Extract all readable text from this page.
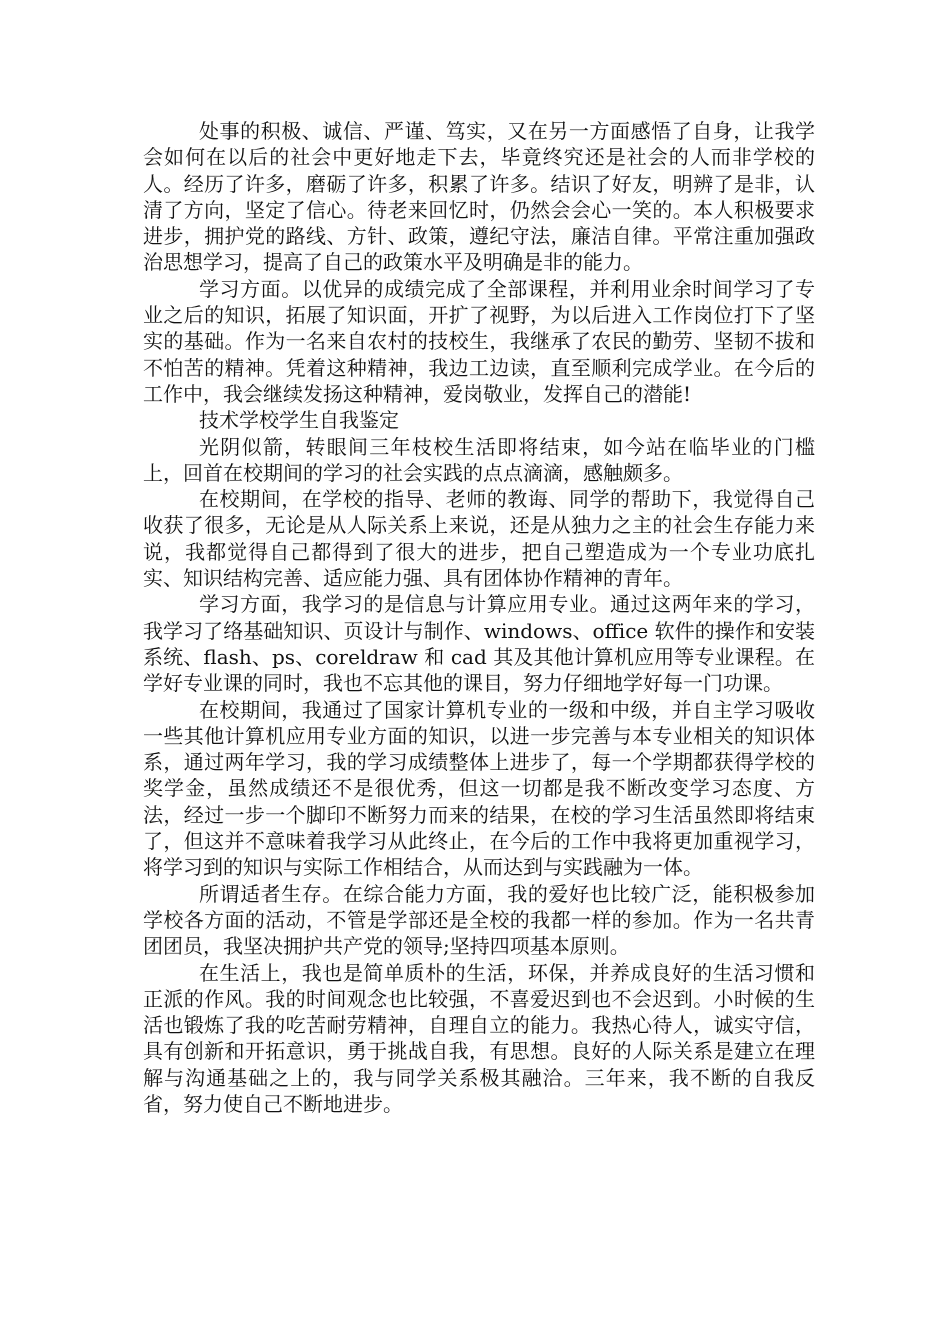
处事的积极、诚信、严谨、笃实，又在另一方面感悟了自身，让我学会如何在以后的社会中更好地走下去，毕竟终究还是社会的人而非学校的人。经历了许多，磨砺了许多，积累了许多。结识了好友，明辨了是非，认清了方向，坚定了信心。待老来回忆时，仍然会会心一笑的。本人积极要求进步，拥护党的路线、方针、政策，遵纪守法，廉洁自律。平常注重加强政治思想学习，提高了自己的政策水平及明确是非的能力。

学习方面。以优异的成绩完成了全部课程，并利用业余时间学习了专业之后的知识，拓展了知识面，开扩了视野，为以后进入工作岗位打下了坚实的基础。作为一名来自农村的技校生，我继承了农民的勤劳、坚韧不拔和不怕苦的精神。凭着这种精神，我边工边读，直至顺利完成学业。在今后的工作中，我会继续发扬这种精神，爱岗敬业，发挥自己的潜能!

技术学校学生自我鉴定

光阴似箭，转眼间三年枝校生活即将结束，如今站在临毕业的门槛上，回首在校期间的学习的社会实践的点点滴滴，感触颇多。

在校期间，在学校的指导、老师的教诲、同学的帮助下，我觉得自己收获了很多，无论是从人际关系上来说，还是从独力之主的社会生存能力来说，我都觉得自己都得到了很大的进步，把自己塑造成为一个专业功底扎实、知识结构完善、适应能力强、具有团体协作精神的青年。

学习方面，我学习的是信息与计算应用专业。通过这两年来的学习，我学习了络基础知识、页设计与制作、windows、office 软件的操作和安装系统、flash、ps、coreldraw 和 cad 其及其他计算机应用等专业课程。在学好专业课的同时，我也不忘其他的课目，努力仔细地学好每一门功课。

在校期间，我通过了国家计算机专业的一级和中级，并自主学习吸收一些其他计算机应用专业方面的知识，以进一步完善与本专业相关的知识体系，通过两年学习，我的学习成绩整体上进步了，每一个学期都获得学校的奖学金，虽然成绩还不是很优秀，但这一切都是我不断改变学习态度、方法，经过一步一个脚印不断努力而来的结果，在校的学习生活虽然即将结束了，但这并不意味着我学习从此终止，在今后的工作中我将更加重视学习，将学习到的知识与实际工作相结合，从而达到与实践融为一体。

所谓适者生存。在综合能力方面，我的爱好也比较广泛，能积极参加学校各方面的活动，不管是学部还是全校的我都一样的参加。作为一名共青团团员，我坚决拥护共产党的领导;坚持四项基本原则。

在生活上，我也是简单质朴的生活，环保，并养成良好的生活习惯和正派的作风。我的时间观念也比较强，不喜爱迟到也不会迟到。小时候的生活也锻炼了我的吃苦耐劳精神，自理自立的能力。我热心待人，诚实守信，具有创新和开拓意识，勇于挑战自我，有思想。良好的人际关系是建立在理解与沟通基础之上的，我与同学关系极其融洽。三年来，我不断的自我反省，努力使自己不断地进步。
